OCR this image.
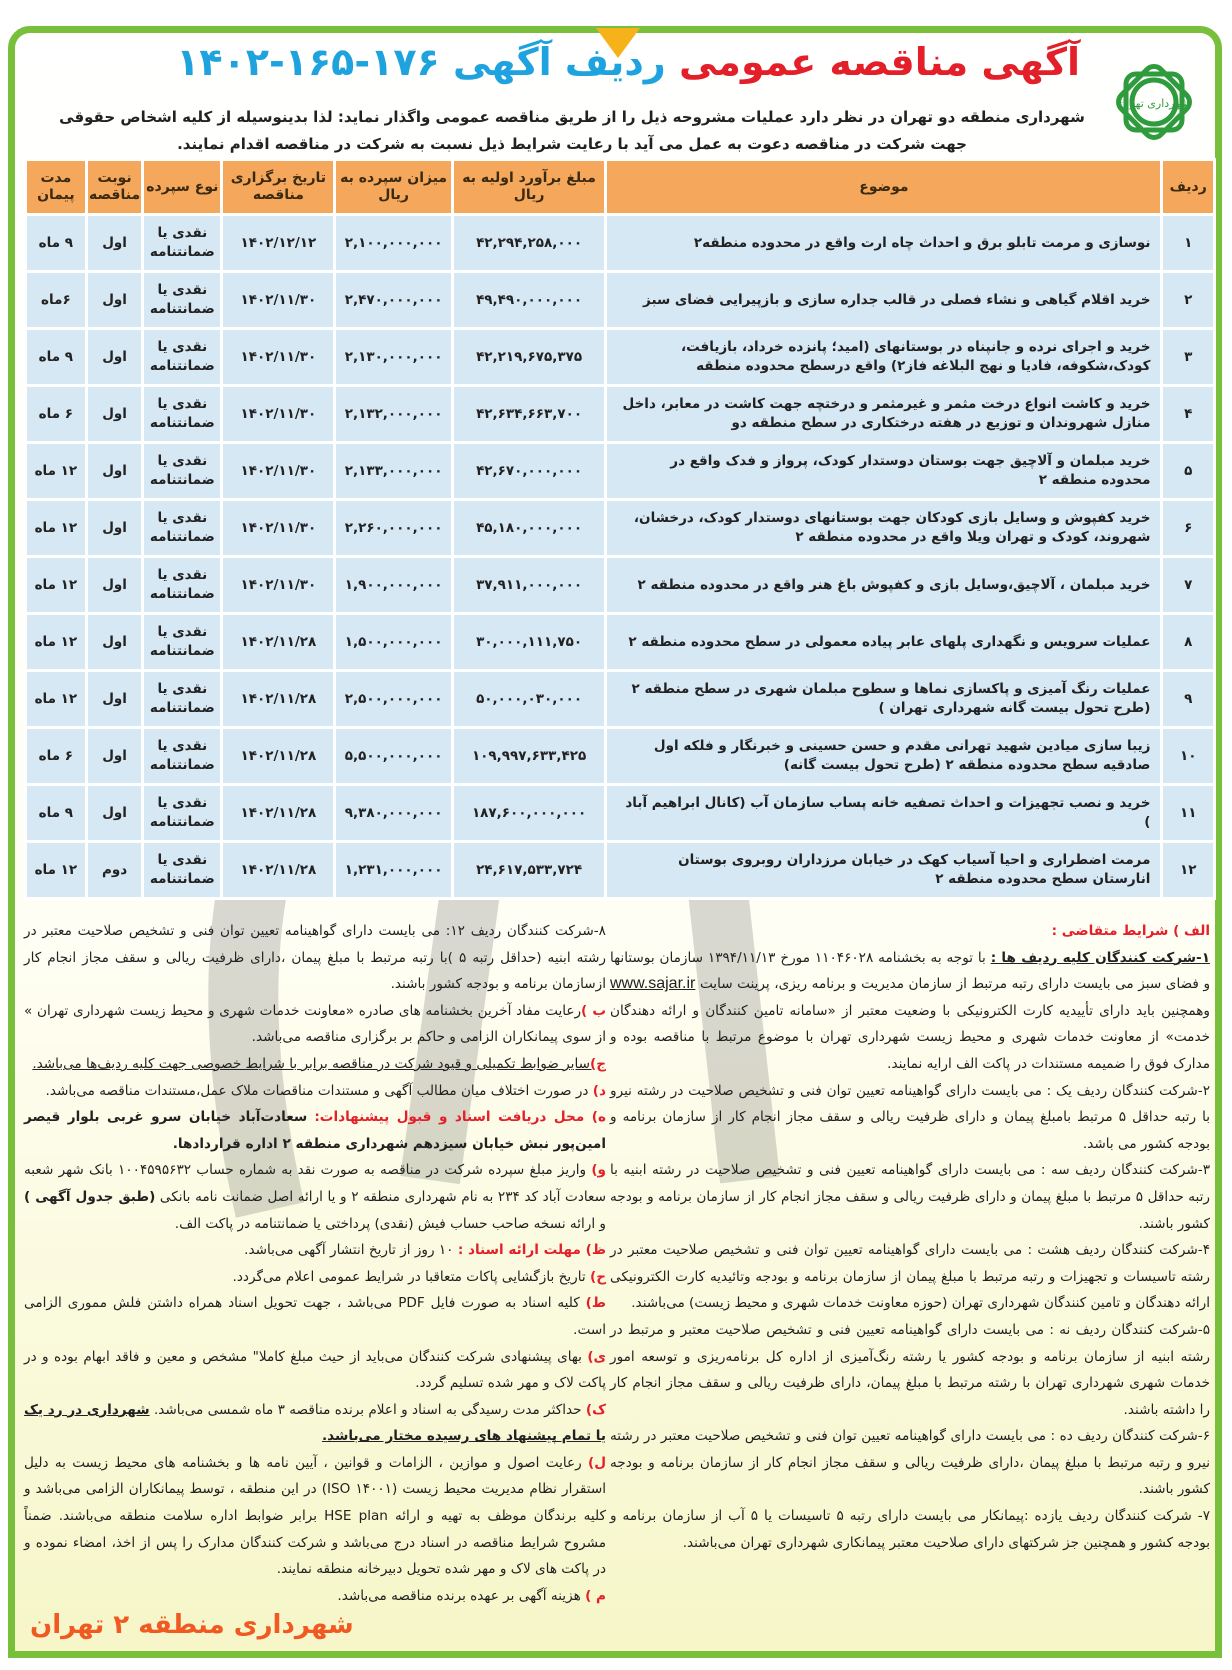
شهرداری تهران
آگهی مناقصه عمومی ردیف آگهی ۱۷۶-۱۶۵-۱۴۰۲
شهرداری منطقه دو تهران در نظر دارد عملیات مشروحه ذیل را از طریق مناقصه عمومی واگذار نماید: لذا بدینوسیله از کلیه اشخاص حقوقی جهت شرکت در مناقصه دعوت به عمل می آید با رعایت شرایط ذیل نسبت به شرکت در مناقصه اقدام نمایند.
ردیف	موضوع	مبلغ برآورد اولیه به ریال	میزان سپرده به ریال	تاریخ برگزاری مناقصه	نوع سپرده	نوبت مناقصه	مدت پیمان
۱	نوسازی و مرمت تابلو برق و احداث چاه ارت واقع در محدوده منطقه۲	۴۲,۲۹۴,۲۵۸,۰۰۰	۲,۱۰۰,۰۰۰,۰۰۰	۱۴۰۲/۱۲/۱۲	نقدی یا ضمانتنامه	اول	۹ ماه
۲	خرید اقلام گیاهی و نشاء فصلی در قالب جداره سازی و بازپیرایی فضای سبز	۴۹,۴۹۰,۰۰۰,۰۰۰	۲,۴۷۰,۰۰۰,۰۰۰	۱۴۰۲/۱۱/۳۰	نقدی یا ضمانتنامه	اول	۶ماه
۳	خرید و اجرای نرده و جانپناه در بوستانهای (امید؛ پانزده خرداد، بازیافت، کودک،شکوفه، فادیا و نهج البلاغه فاز۲) واقع درسطح محدوده منطقه	۴۲,۲۱۹,۶۷۵,۳۷۵	۲,۱۳۰,۰۰۰,۰۰۰	۱۴۰۲/۱۱/۳۰	نقدی یا ضمانتنامه	اول	۹ ماه
۴	خرید و کاشت انواع درخت مثمر و غیرمثمر و درختچه جهت کاشت در معابر، داخل منازل شهروندان و توزیع در هفته درختکاری در سطح منطقه دو	۴۲,۶۳۴,۶۶۳,۷۰۰	۲,۱۳۲,۰۰۰,۰۰۰	۱۴۰۲/۱۱/۳۰	نقدی یا ضمانتنامه	اول	۶ ماه
۵	خرید مبلمان و آلاچیق جهت بوستان دوستدار کودک، پرواز و فدک واقع در محدوده منطقه ۲	۴۲,۶۷۰,۰۰۰,۰۰۰	۲,۱۳۳,۰۰۰,۰۰۰	۱۴۰۲/۱۱/۳۰	نقدی یا ضمانتنامه	اول	۱۲ ماه
۶	خرید کفپوش و وسایل بازی کودکان جهت بوستانهای دوستدار کودک، درخشان، شهروند، کودک و تهران ویلا واقع در محدوده منطقه ۲	۴۵,۱۸۰,۰۰۰,۰۰۰	۲,۲۶۰,۰۰۰,۰۰۰	۱۴۰۲/۱۱/۳۰	نقدی یا ضمانتنامه	اول	۱۲ ماه
۷	خرید مبلمان ، آلاچیق،وسایل بازی و کفپوش باغ هنر واقع در محدوده منطقه ۲	۳۷,۹۱۱,۰۰۰,۰۰۰	۱,۹۰۰,۰۰۰,۰۰۰	۱۴۰۲/۱۱/۳۰	نقدی یا ضمانتنامه	اول	۱۲ ماه
۸	عملیات سرویس و نگهداری پلهای عابر پیاده معمولی در سطح محدوده منطقه ۲	۳۰,۰۰۰,۱۱۱,۷۵۰	۱,۵۰۰,۰۰۰,۰۰۰	۱۴۰۲/۱۱/۲۸	نقدی یا ضمانتنامه	اول	۱۲ ماه
۹	عملیات رنگ آمیزی و پاکسازی نماها و سطوح مبلمان شهری در سطح منطقه ۲ (طرح تحول بیست گانه شهرداری تهران )	۵۰,۰۰۰,۰۳۰,۰۰۰	۲,۵۰۰,۰۰۰,۰۰۰	۱۴۰۲/۱۱/۲۸	نقدی یا ضمانتنامه	اول	۱۲ ماه
۱۰	زیبا سازی میادین شهید تهرانی مقدم و حسن حسینی و خبرنگار و فلکه اول صادقیه سطح محدوده منطقه ۲ (طرح تحول بیست گانه)	۱۰۹,۹۹۷,۶۳۳,۴۲۵	۵,۵۰۰,۰۰۰,۰۰۰	۱۴۰۲/۱۱/۲۸	نقدی یا ضمانتنامه	اول	۶ ماه
۱۱	خرید و نصب تجهیزات و احداث تصفیه خانه پساب سازمان آب (کانال ابراهیم آباد )	۱۸۷,۶۰۰,۰۰۰,۰۰۰	۹,۳۸۰,۰۰۰,۰۰۰	۱۴۰۲/۱۱/۲۸	نقدی یا ضمانتنامه	اول	۹ ماه
۱۲	مرمت اضطراری و احیا آسیاب کهک در خیابان مرزداران روبروی بوستان انارستان سطح محدوده منطقه ۲	۲۴,۶۱۷,۵۳۳,۷۲۴	۱,۲۳۱,۰۰۰,۰۰۰	۱۴۰۲/۱۱/۲۸	نقدی یا ضمانتنامه	دوم	۱۲ ماه

الف ) شرایط متقاضی :

۱-شرکت کنندگان کلیه ردیف ها : با توجه به بخشنامه ۱۱۰۴۶۰۲۸ مورخ ۱۳۹۴/۱۱/۱۳ سازمان بوستانها و فضای سبز می بایست دارای رتبه مرتبط از سازمان مدیریت و برنامه ریزی، پرینت سایت www.sajar.ir وهمچنین باید دارای تأییدیه کارت الکترونیکی با وضعیت معتبر از «سامانه تامین کنندگان و ارائه دهندگان خدمت» از معاونت خدمات شهری و محیط زیست شهرداری تهران با موضوع مرتبط با مناقصه بوده و مدارک فوق را ضمیمه مستندات در پاکت الف ارایه نمایند.

۲-شرکت کنندگان ردیف یک : می بایست دارای گواهینامه تعیین توان فنی و تشخیص صلاحیت در رشته نیرو با رتبه حداقل ۵ مرتبط بامبلغ پیمان و دارای ظرفیت ریالی و سقف مجاز انجام کار از سازمان برنامه و بودجه کشور می باشد.

۳-شرکت کنندگان ردیف سه : می بایست دارای گواهینامه تعیین فنی و تشخیص صلاحیت در رشته ابنیه با رتبه حداقل ۵ مرتبط با مبلغ پیمان و دارای ظرفیت ریالی و سقف مجاز انجام کار از سازمان برنامه و بودجه کشور باشند.

۴-شرکت کنندگان ردیف هشت : می بایست دارای گواهینامه تعیین توان فنی و تشخیص صلاحیت معتبر در رشته تاسیسات و تجهیزات و رتبه مرتبط با مبلغ پیمان از سازمان برنامه و بودجه وتائیدیه کارت الکترونیکی ارائه دهندگان و تامین کنندگان شهرداری تهران (حوزه معاونت خدمات شهری و محیط زیست) می‌باشند.

۵-شرکت کنندگان ردیف نه : می بایست دارای گواهینامه تعیین فنی و تشخیص صلاحیت معتبر و مرتبط در رشته ابنیه از سازمان برنامه و بودجه کشور یا رشته رنگ‌آمیزی از اداره کل برنامه‌ریزی و توسعه امور خدمات شهری شهرداری تهران با رشته مرتبط با مبلغ پیمان، دارای ظرفیت ریالی و سقف مجاز انجام کار را داشته باشند.

۶-شرکت کنندگان ردیف ده : می بایست دارای گواهینامه تعیین توان فنی و تشخیص صلاحیت معتبر در رشته نیرو و رتبه مرتبط با مبلغ پیمان ،دارای ظرفیت ریالی و سقف مجاز انجام کار از سازمان برنامه و بودجه کشور باشند.

۷- شرکت کنندگان ردیف یازده :پیمانکار می بایست دارای رتبه ۵ تاسیسات یا ۵ آب از سازمان برنامه و بودجه کشور و همچنین جز شرکتهای دارای صلاحیت معتبر پیمانکاری شهرداری تهران می‌باشند.

۸-شرکت کنندگان ردیف ۱۲: می بایست دارای گواهینامه تعیین توان فنی و تشخیص صلاحیت معتبر در رشته ابنیه (حداقل رتبه ۵ )با رتبه مرتبط با مبلغ پیمان ،دارای ظرفیت ریالی و سقف مجاز انجام کار ازسازمان برنامه و بودجه کشور باشند.

ب )رعایت مفاد آخرین بخشنامه های صادره «معاونت خدمات شهری و محیط زیست شهرداری تهران » از سوی پیمانکاران الزامی و حاکم بر برگزاری مناقصه می‌باشد.

ج)سایر ضوابط تکمیلی و قیود شرکت در مناقصه برابر با شرایط خصوصی جهت کلیه ردیف‌ها می‌باشد.

د) در صورت اختلاف میان مطالب آگهی و مستندات مناقصات ملاک عمل،مستندات مناقصه می‌باشد.

ه) محل دریافت اسناد و قبول پیشنهادات: سعادت‌آباد خیابان سرو غربی بلوار قیصر امین‌پور نبش خیابان سیزدهم شهرداری منطقه ۲ اداره قراردادها.

و) واریز مبلغ سپرده شرکت در مناقصه به صورت نقد به شماره حساب ۱۰۰۴۵۹۵۶۳۲ بانک شهر شعبه سعادت آباد کد ۲۳۴ به نام شهرداری منطقه ۲ و یا ارائه اصل ضمانت نامه بانکی (طبق جدول آگهی ) و ارائه نسخه صاحب حساب فیش (نقدی) پرداختی یا ضمانتنامه در پاکت الف.

ظ) مهلت ارائه اسناد : ۱۰ روز از تاریخ انتشار آگهی می‌باشد.

ح) تاریخ بازگشایی پاکات متعاقبا در شرایط عمومی اعلام می‌گردد.

ط) کلیه اسناد به صورت فایل PDF می‌باشد ، جهت تحویل اسناد همراه داشتن فلش مموری الزامی است.

ی) بهای پیشنهادی شرکت کنندگان می‌باید از حیث مبلغ کاملا" مشخص و معین و فاقد ابهام بوده و در پاکت لاک و مهر شده تسلیم گردد.

ک) حداکثر مدت رسیدگی به اسناد و اعلام برنده مناقصه ۳ ماه شمسی می‌باشد. شهرداری در رد یک یا تمام پیشنهاد های رسیده مختار می‌باشد.

ل) رعایت اصول و موازین ، الزامات و قوانین ، آیین نامه ها و بخشنامه های محیط زیست به دلیل استقرار نظام مدیریت محیط زیست (ISO ۱۴۰۰۱) در این منطقه ، توسط پیمانکاران الزامی می‌باشد و کلیه برندگان موظف به تهیه و ارائه HSE plan برابر ضوابط اداره سلامت منطقه می‌باشند. ضمناً مشروح شرایط مناقصه در اسناد درج می‌باشد و شرکت کنندگان مدارک را پس از اخذ، امضاء نموده و در پاکت های لاک و مهر شده تحویل دبیرخانه منطقه نمایند.

م ) هزینه آگهی بر عهده برنده مناقصه می‌باشد.

شهرداری منطقه ۲ تهران
